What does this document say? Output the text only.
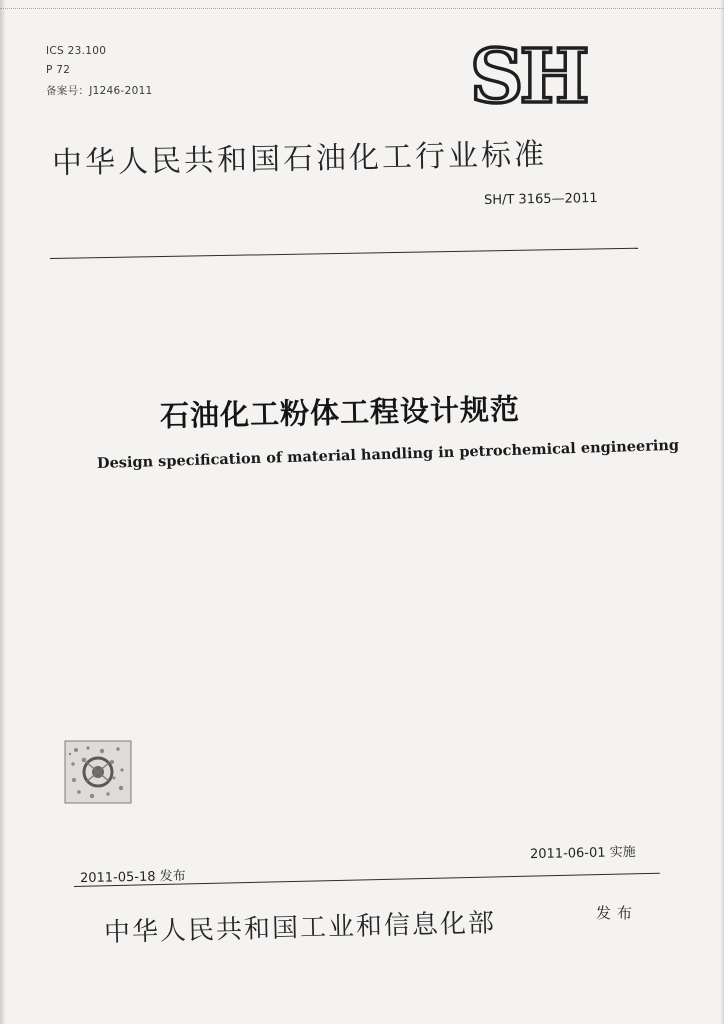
ICS 23.100
P 72
备案号：J1246-2011	SH
中华人民共和国石油化工行业标准
SH/T 3165—2011
石油化工粉体工程设计规范
Design specification of material handling in petrochemical engineering
2011-06-01 实施
2011-05-18 发布
中华人民共和国工业和信息化部	发布
